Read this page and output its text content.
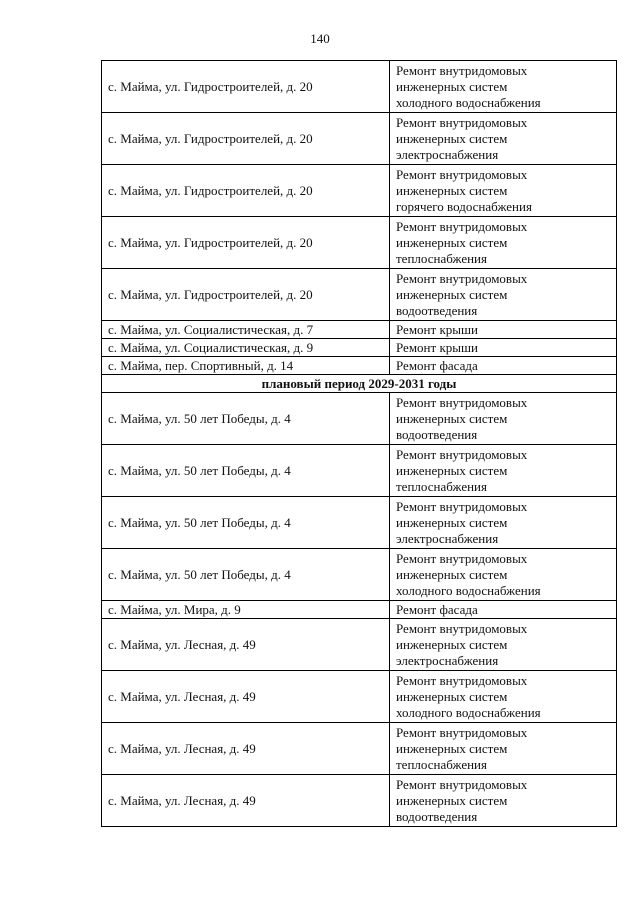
140
с. Майма, ул. Гидростроителей, д. 20	Ремонт внутридомовых
инженерных систем
холодного водоснабжения
с. Майма, ул. Гидростроителей, д. 20	Ремонт внутридомовых
инженерных систем
электроснабжения
с. Майма, ул. Гидростроителей, д. 20	Ремонт внутридомовых
инженерных систем
горячего водоснабжения
с. Майма, ул. Гидростроителей, д. 20	Ремонт внутридомовых
инженерных систем
теплоснабжения
с. Майма, ул. Гидростроителей, д. 20	Ремонт внутридомовых
инженерных систем
водоотведения
с. Майма, ул. Социалистическая, д. 7	Ремонт крыши
с. Майма, ул. Социалистическая, д. 9	Ремонт крыши
с. Майма, пер. Спортивный, д. 14	Ремонт фасада
плановый период 2029-2031 годы	
с. Майма, ул. 50 лет Победы, д. 4	Ремонт внутридомовых
инженерных систем
водоотведения
с. Майма, ул. 50 лет Победы, д. 4	Ремонт внутридомовых
инженерных систем
теплоснабжения
с. Майма, ул. 50 лет Победы, д. 4	Ремонт внутридомовых
инженерных систем
электроснабжения
с. Майма, ул. 50 лет Победы, д. 4	Ремонт внутридомовых
инженерных систем
холодного водоснабжения
с. Майма, ул. Мира, д. 9	Ремонт фасада
с. Майма, ул. Лесная, д. 49	Ремонт внутридомовых
инженерных систем
электроснабжения
с. Майма, ул. Лесная, д. 49	Ремонт внутридомовых
инженерных систем
холодного водоснабжения
с. Майма, ул. Лесная, д. 49	Ремонт внутридомовых
инженерных систем
теплоснабжения
с. Майма, ул. Лесная, д. 49	Ремонт внутридомовых
инженерных систем
водоотведения
